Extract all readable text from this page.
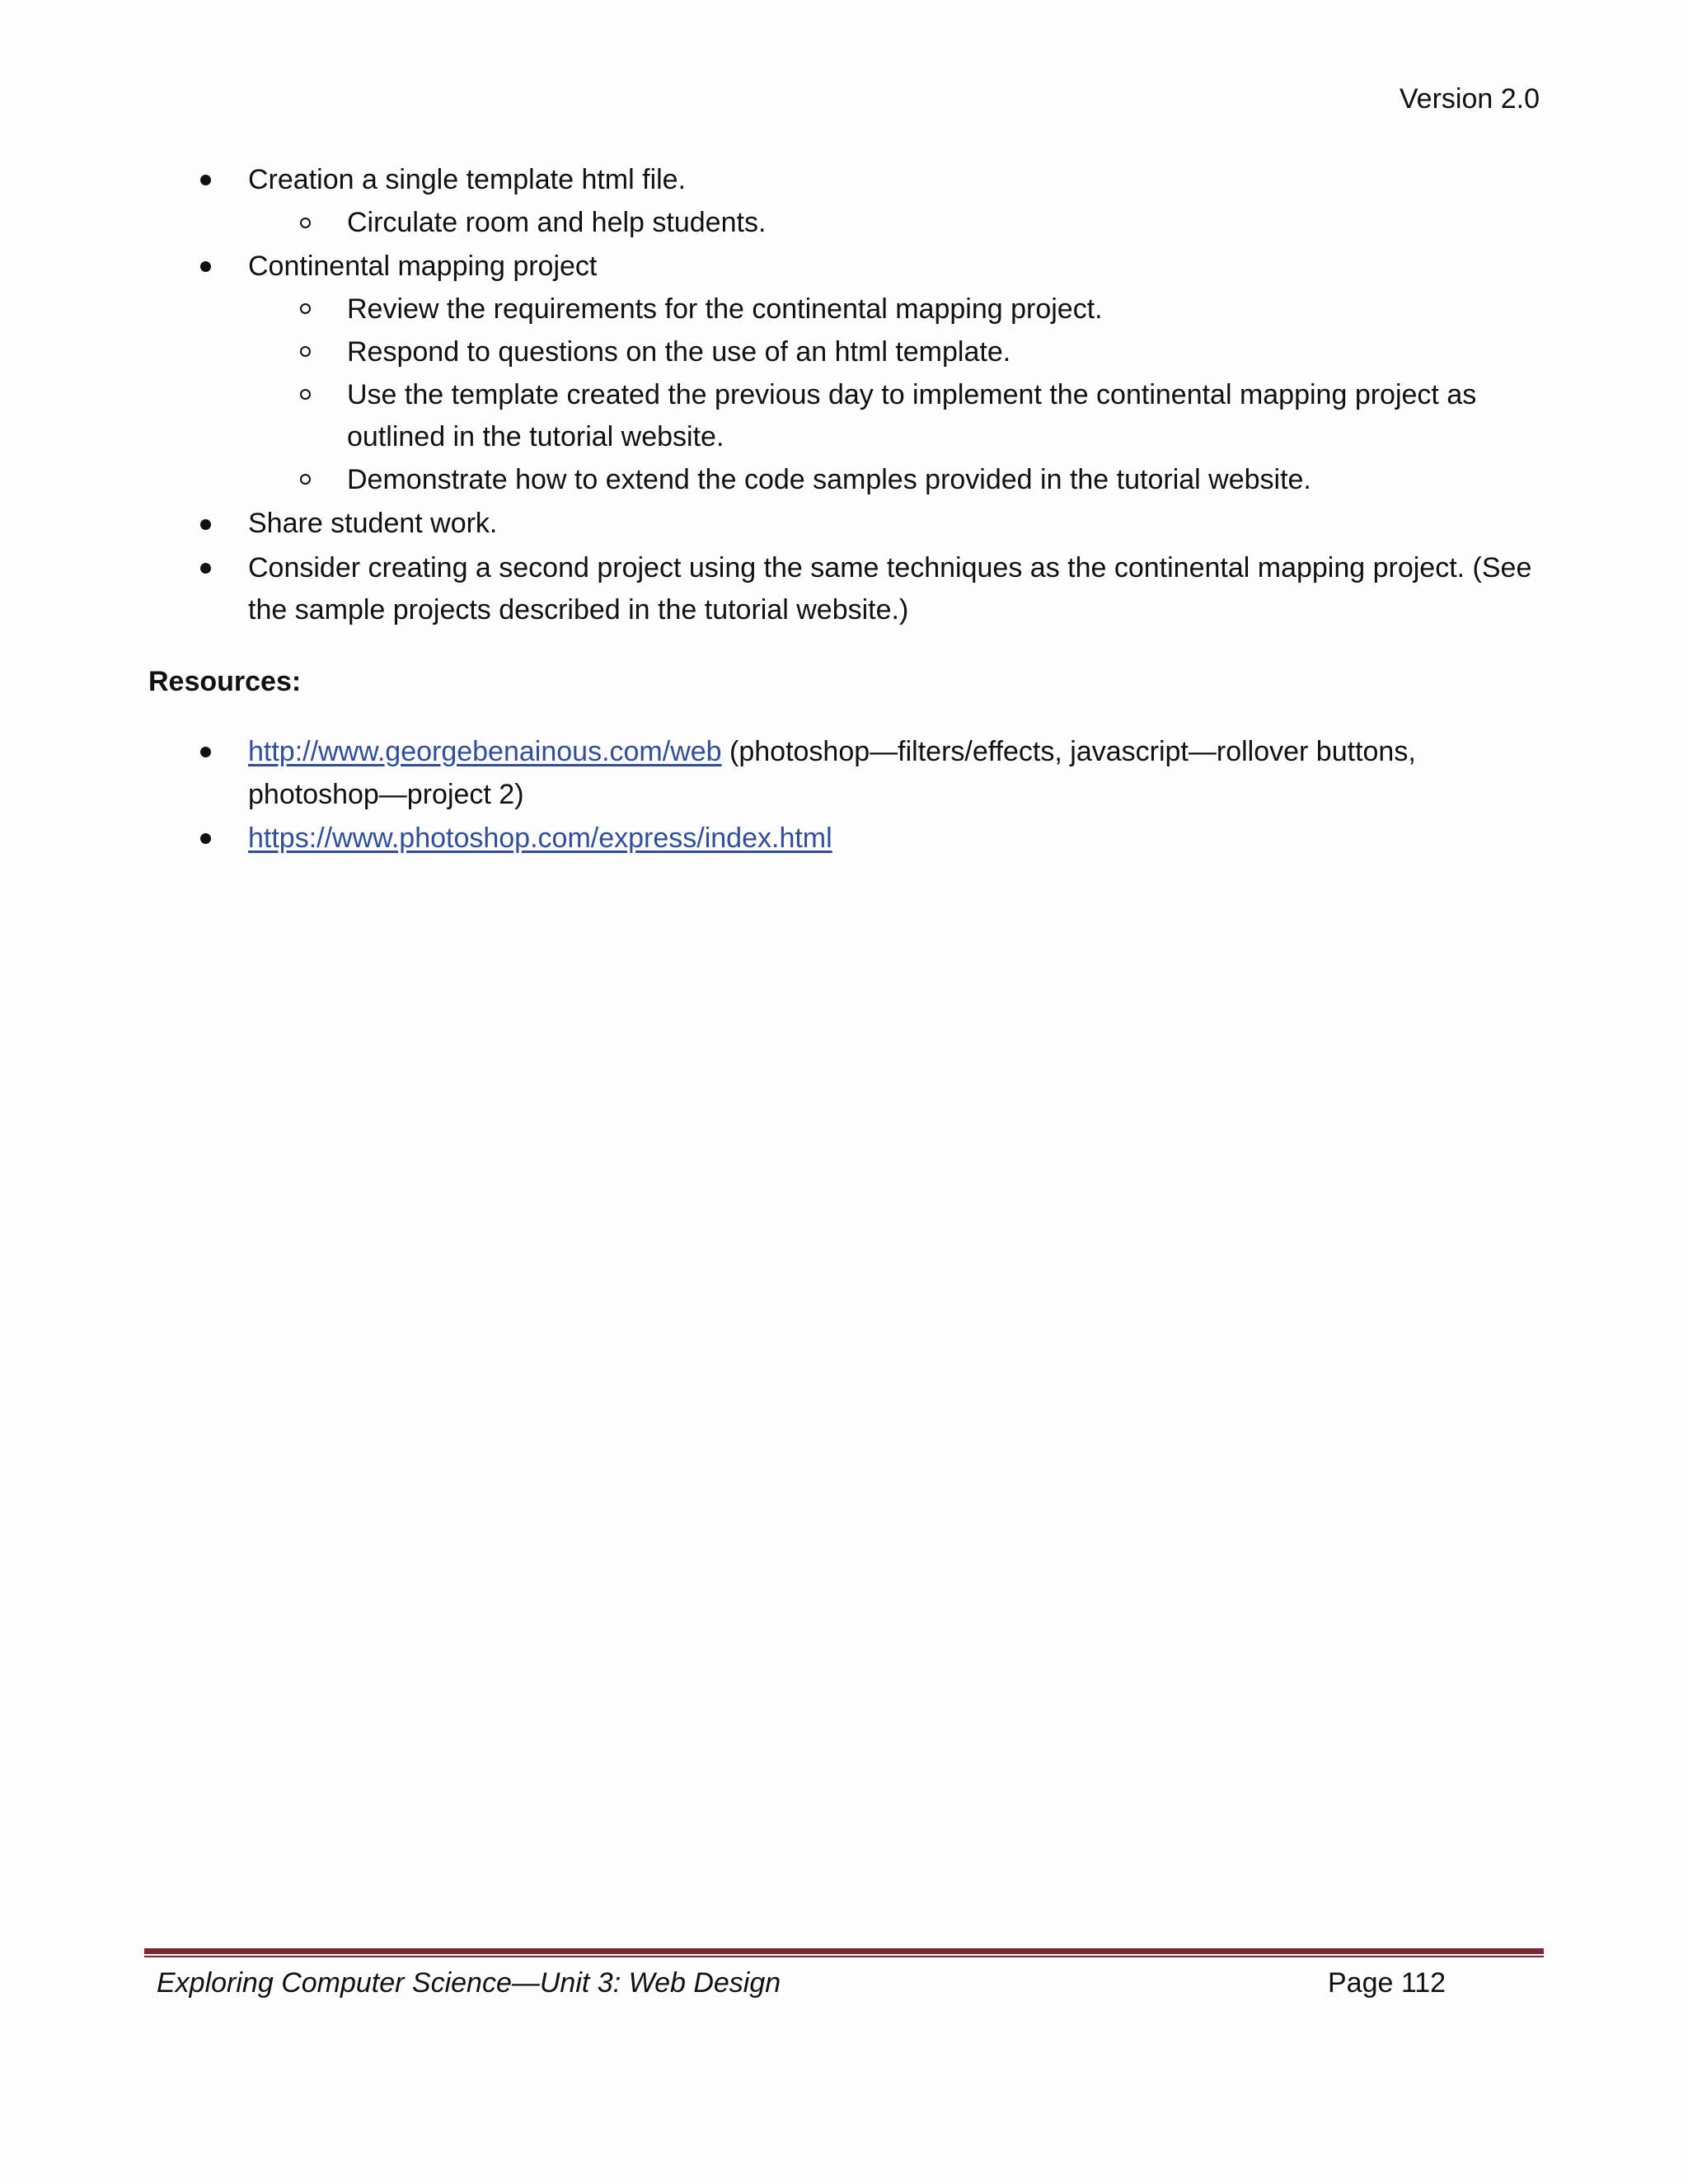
Version 2.0
Creation a single template html file.
Circulate room and help students.
Continental mapping project
Review the requirements for the continental mapping project.
Respond to questions on the use of an html template.
Use the template created the previous day to implement the continental mapping project as
outlined in the tutorial website.
Demonstrate how to extend the code samples provided in the tutorial website.
Share student work.
Consider creating a second project using the same techniques as the continental mapping project. (See
the sample projects described in the tutorial website.)
Resources:
http://www.georgebenainous.com/web (photoshop—filters/effects, javascript—rollover buttons,
photoshop—project 2)
https://www.photoshop.com/express/index.html
Exploring Computer Science—Unit 3: Web Design	Page 112
